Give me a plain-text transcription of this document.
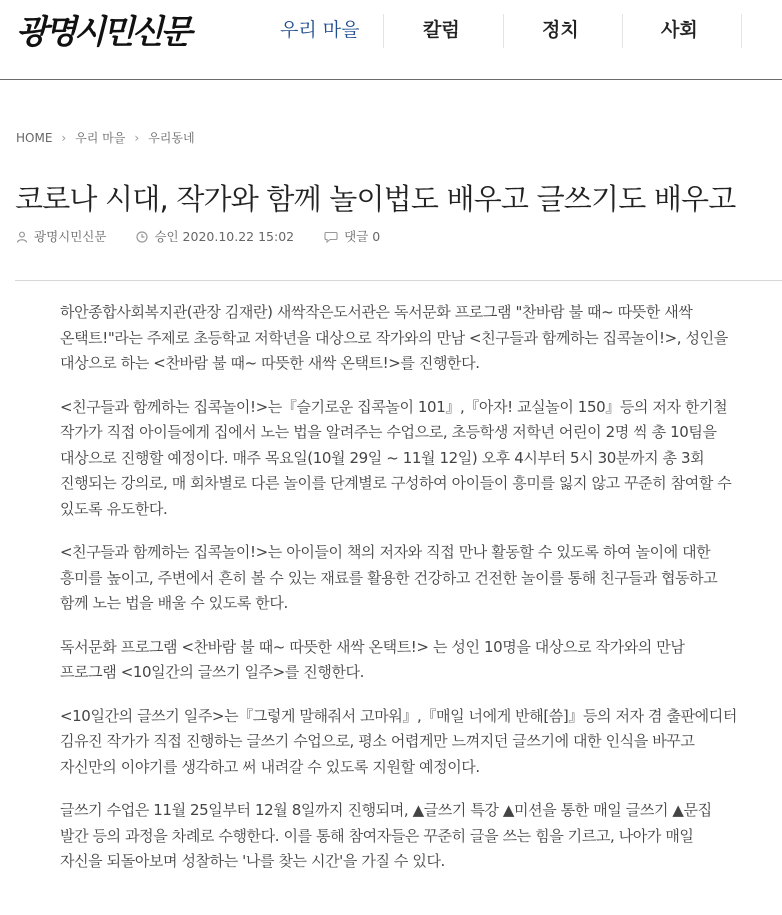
광명시민신문	우리 마을	칼럼	정치	사회
HOME › 우리 마을 › 우리동네
코로나 시대, 작가와 함께 놀이법도 배우고 글쓰기도 배우고
광명시민신문	승인 2020.10.22 15:02	댓글 0

하안종합사회복지관(관장 김재란) 새싹작은도서관은 독서문화 프로그램 "찬바람 불 때~ 따뜻한 새싹 온택트!"라는 주제로 초등학교 저학년을 대상으로 작가와의 만남 <친구들과 함께하는 집콕놀이!>, 성인을 대상으로 하는 <찬바람 불 때~ 따뜻한 새싹 온택트!>를 진행한다.

<친구들과 함께하는 집콕놀이!>는『슬기로운 집콕놀이 101』,『아자! 교실놀이 150』등의 저자 한기철 작가가 직접 아이들에게 집에서 노는 법을 알려주는 수업으로, 초등학생 저학년 어린이 2명 씩 총 10팀을 대상으로 진행할 예정이다. 매주 목요일(10월 29일 ~ 11월 12일) 오후 4시부터 5시 30분까지 총 3회 진행되는 강의로, 매 회차별로 다른 놀이를 단계별로 구성하여 아이들이 흥미를 잃지 않고 꾸준히 참여할 수 있도록 유도한다.

<친구들과 함께하는 집콕놀이!>는 아이들이 책의 저자와 직접 만나 활동할 수 있도록 하여 놀이에 대한 흥미를 높이고, 주변에서 흔히 볼 수 있는 재료를 활용한 건강하고 건전한 놀이를 통해 친구들과 협동하고 함께 노는 법을 배울 수 있도록 한다.

독서문화 프로그램 <찬바람 불 때~ 따뜻한 새싹 온택트!> 는 성인 10명을 대상으로 작가와의 만남 프로그램 <10일간의 글쓰기 일주>를 진행한다.

<10일간의 글쓰기 일주>는『그렇게 말해줘서 고마워』,『매일 너에게 반해[씀]』등의 저자 겸 출판에디터 김유진 작가가 직접 진행하는 글쓰기 수업으로, 평소 어렵게만 느껴지던 글쓰기에 대한 인식을 바꾸고 자신만의 이야기를 생각하고 써 내려갈 수 있도록 지원할 예정이다.

글쓰기 수업은 11월 25일부터 12월 8일까지 진행되며, ▲글쓰기 특강 ▲미션을 통한 매일 글쓰기 ▲문집 발간 등의 과정을 차례로 수행한다. 이를 통해 참여자들은 꾸준히 글을 쓰는 힘을 기르고, 나아가 매일 자신을 되돌아보며 성찰하는 '나를 찾는 시간'을 가질 수 있다.
